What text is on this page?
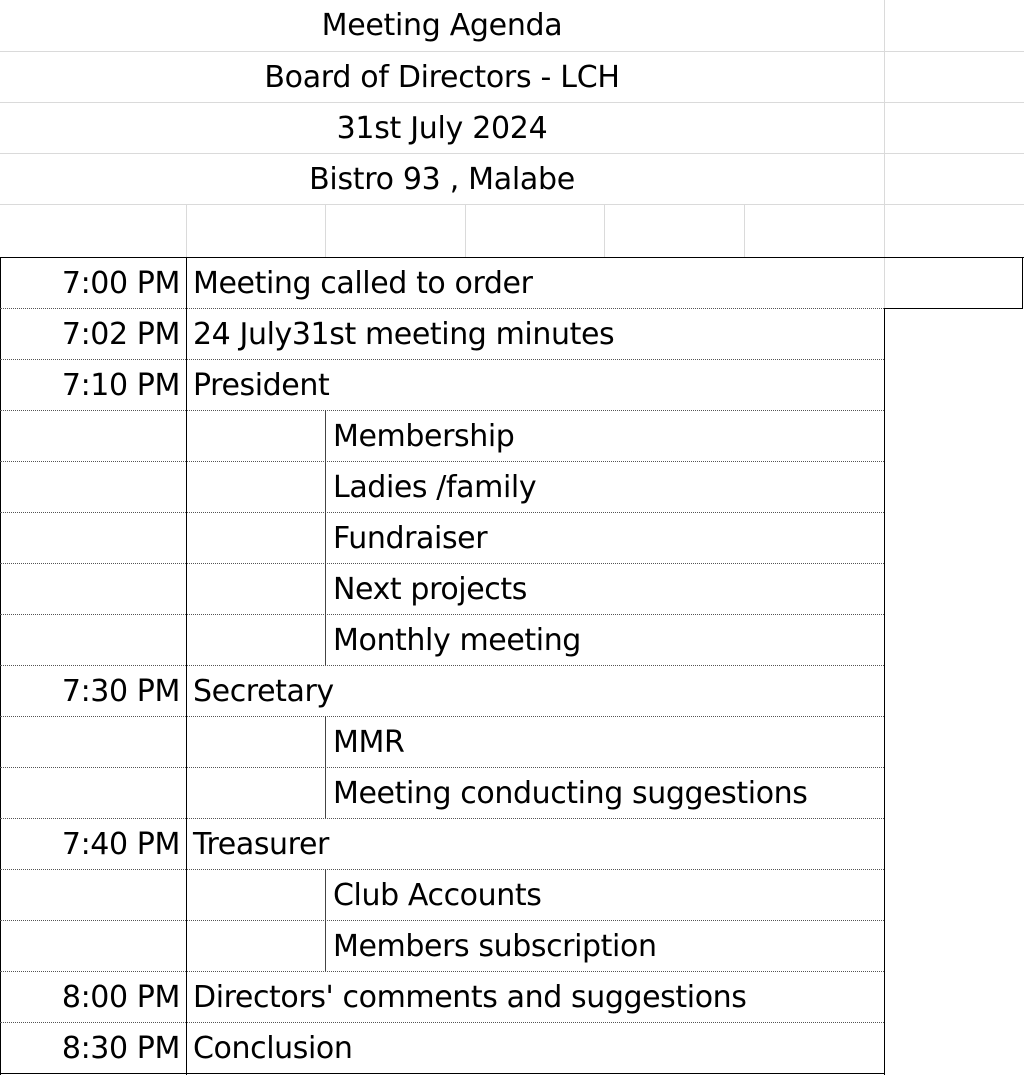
Meeting Agenda
Board of Directors - LCH
31st July 2024
Bistro 93 , Malabe
7:00 PM Meeting called to order
7:02 PM 24 July31st meeting minutes
7:10 PM President
Membership
Ladies /family
Fundraiser
Next projects
Monthly meeting
7:30 PM Secretary
MMR
Meeting conducting suggestions
7:40 PM Treasurer
Club Accounts
Members subscription
8:00 PM Directors' comments and suggestions
8:30 PM Conclusion
